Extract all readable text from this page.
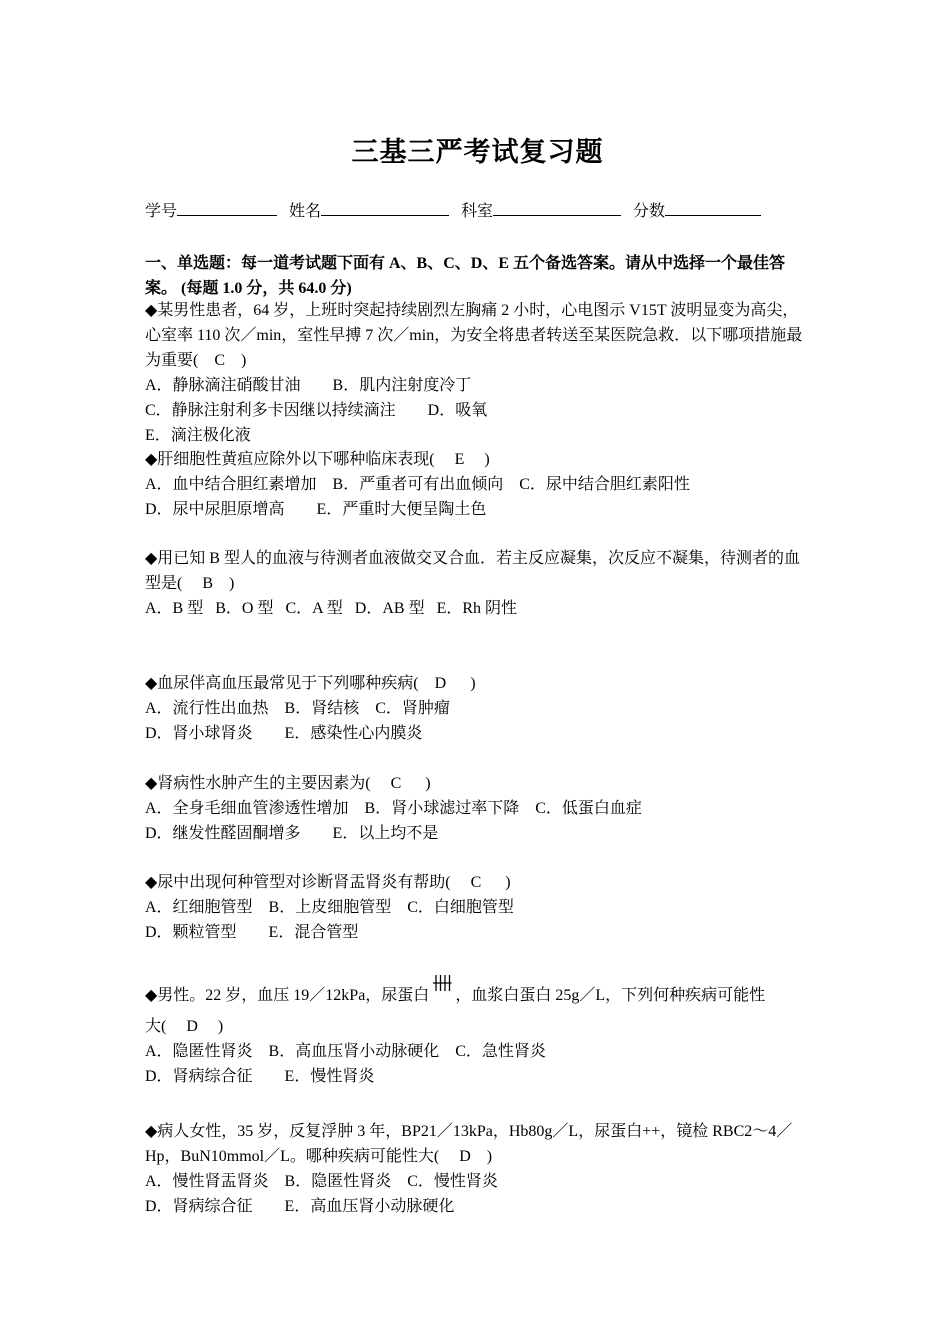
三基三严考试复习题
学号	姓名	科室	分数
一、单选题：每一道考试题下面有 A、B、C、D、E 五个备选答案。请从中选择一个最佳答案。 (每题 1.0 分，共 64.0 分)
◆某男性患者，64 岁，上班时突起持续剧烈左胸痛 2 小时，心电图示 V15T 波明显变为高尖，心室率 110 次／min，室性早搏 7 次／min，为安全将患者转送至某医院急救．以下哪项措施最为重要(    C    )
A．静脉滴注硝酸甘油        B．肌内注射度冷丁
C．静脉注射利多卡因继以持续滴注        D．吸氧
E．滴注极化液
◆肝细胞性黄疸应除外以下哪种临床表现(     E     )
A．血中结合胆红素增加    B．严重者可有出血倾向    C．尿中结合胆红素阳性
D．尿中尿胆原增高        E．严重时大便呈陶土色
◆用已知 B 型人的血液与待测者血液做交叉合血．若主反应凝集，次反应不凝集，待测者的血型是(     B    )
A．B 型   B．O 型   C．A 型   D．AB 型   E．Rh 阴性
◆血尿伴高血压最常见于下列哪种疾病(    D      )
A．流行性出血热    B．肾结核    C．肾肿瘤
D．肾小球肾炎        E．感染性心内膜炎
◆肾病性水肿产生的主要因素为(     C      )
A．全身毛细血管渗透性增加    B．肾小球滤过率下降    C．低蛋白血症
D．继发性醛固酮增多        E．以上均不是
◆尿中出现何种管型对诊断肾盂肾炎有帮助(     C      )
A．红细胞管型    B．上皮细胞管型    C．白细胞管型
D．颗粒管型        E．混合管型
◆男性。22 岁，血压 19／12kPa，尿蛋白 ，血浆白蛋白 25g／L，下列何种疾病可能性
大(     D     )
A．隐匿性肾炎    B．高血压肾小动脉硬化    C．急性肾炎
D．肾病综合征        E．慢性肾炎
◆病人女性，35 岁，反复浮肿 3 年，BP21／13kPa，Hb80g／L，尿蛋白++，镜检 RBC2～4／Hp，BuN10mmol／L。哪种疾病可能性大(     D    )
A．慢性肾盂肾炎    B．隐匿性肾炎    C．慢性肾炎
D．肾病综合征        E．高血压肾小动脉硬化
